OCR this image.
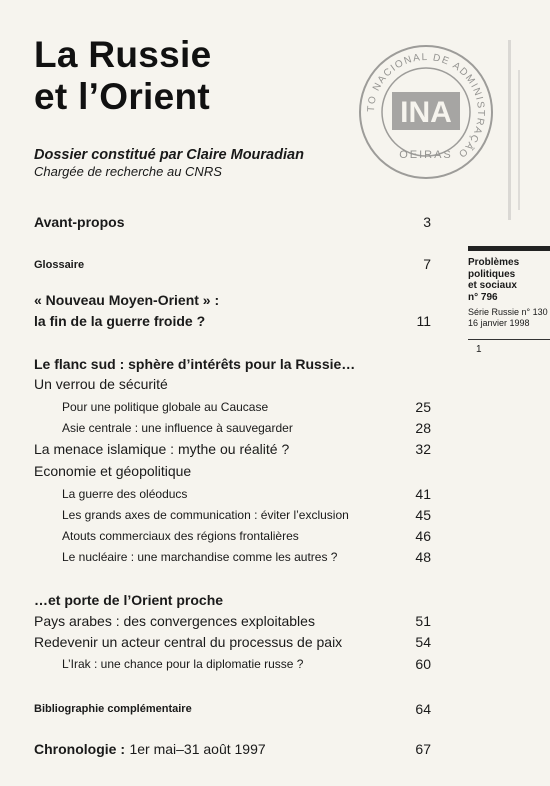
La Russie
et l’Orient
Dossier constitué par Claire Mouradian
Chargée de recherche au CNRS
TO NACIONAL DE ADMINISTRAÇÃO
INA
OEIRAS
Problèmes
politiques
et sociaux
n° 796
Série Russie n° 130
16 janvier 1998
1
Avant-propos	3
Glossaire	7
« Nouveau Moyen-Orient » :
la fin de la guerre froide ?	11
Le flanc sud : sphère d’intérêts pour la Russie…
Un verrou de sécurité
Pour une politique globale au Caucase	25
Asie centrale : une influence à sauvegarder	28
La menace islamique : mythe ou réalité ?	32
Economie et géopolitique
La guerre des oléoducs	41
Les grands axes de communication : éviter l’exclusion	45
Atouts commerciaux des régions frontalières	46
Le nucléaire : une marchandise comme les autres ?	48
…et porte de l’Orient proche
Pays arabes : des convergences exploitables	51
Redevenir un acteur central du processus de paix	54
L’Irak : une chance pour la diplomatie russe ?	60
Bibliographie complémentaire	64
Chronologie : 1er mai–31 août 1997	67
